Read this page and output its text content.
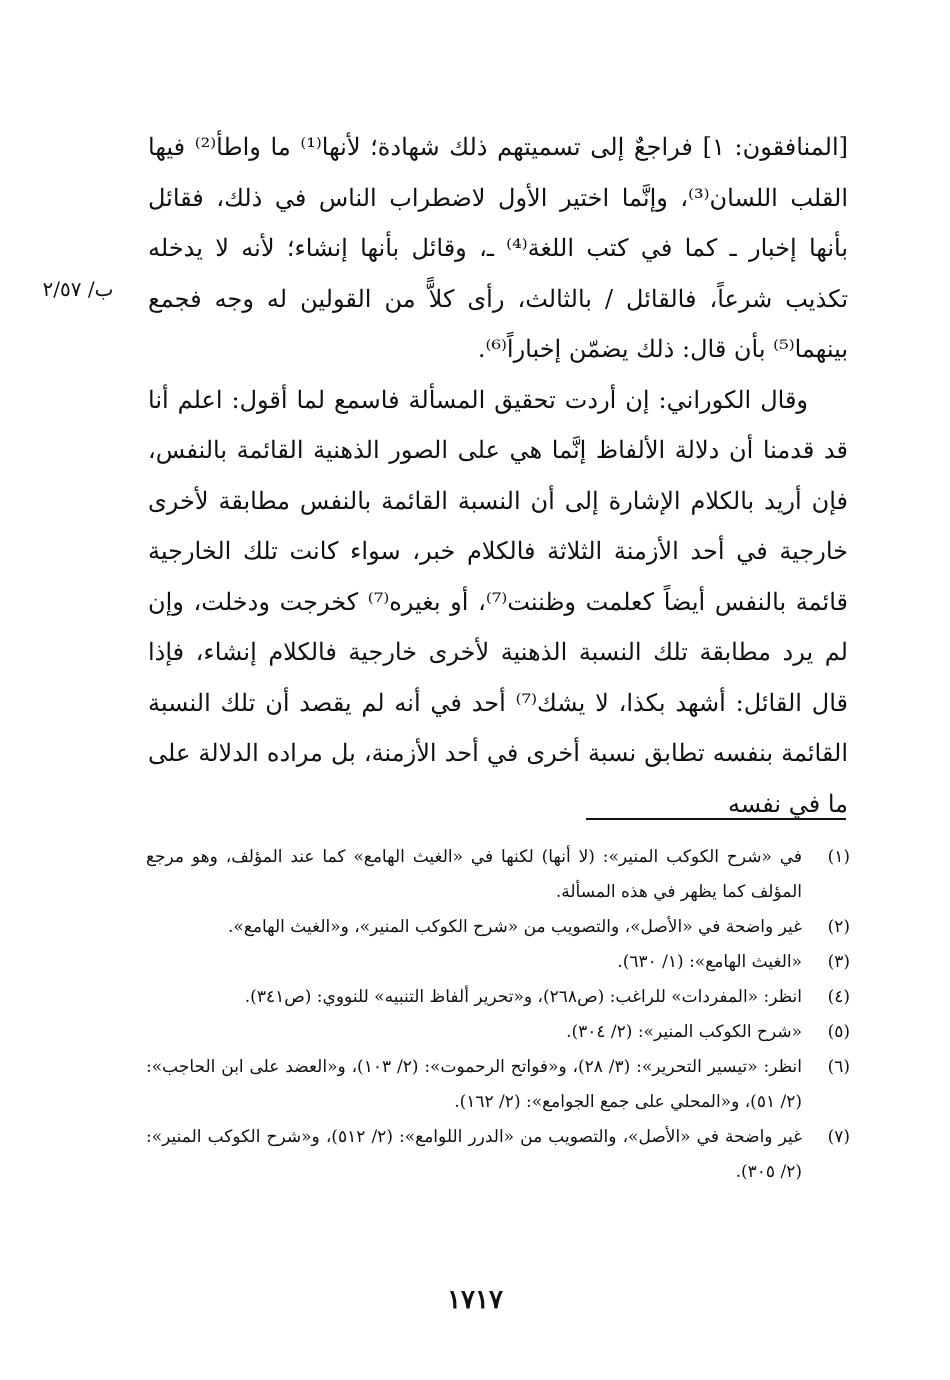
[المنافقون: ١] فراجعٌ إلى تسميتهم ذلك شهادة؛ لأنها⁽¹⁾ ما واطأ⁽²⁾ فيها القلب اللسان⁽³⁾، وإنَّما اختير الأول لاضطراب الناس في ذلك، فقائل بأنها إخبار ـ كما في كتب اللغة⁽⁴⁾ ـ، وقائل بأنها إنشاء؛ لأنه لا يدخله تكذيب شرعاً، فالقائل / بالثالث، رأى كلاًّ من القولين له وجه فجمع بينهما⁽⁵⁾ بأن قال: ذلك يضمّن إخباراً⁽⁶⁾.

وقال الكوراني: إن أردت تحقيق المسألة فاسمع لما أقول: اعلم أنا قد قدمنا أن دلالة الألفاظ إنَّما هي على الصور الذهنية القائمة بالنفس، فإن أريد بالكلام الإشارة إلى أن النسبة القائمة بالنفس مطابقة لأخرى خارجية في أحد الأزمنة الثلاثة فالكلام خبر، سواء كانت تلك الخارجية قائمة بالنفس أيضاً كعلمت وظننت⁽⁷⁾، أو بغيره⁽⁷⁾ كخرجت ودخلت، وإن لم يرد مطابقة تلك النسبة الذهنية لأخرى خارجية فالكلام إنشاء، فإذا قال القائل: أشهد بكذا، لا يشك⁽⁷⁾ أحد في أنه لم يقصد أن تلك النسبة القائمة بنفسه تطابق نسبة أخرى في أحد الأزمنة، بل مراده الدلالة على ما في نفسه

ب/ ٢/٥٧
(١)
في «شرح الكوكب المنير»: (لا أنها) لكنها في «الغيث الهامع» كما عند المؤلف، وهو مرجع المؤلف كما يظهر في هذه المسألة.
(٢)
غير واضحة في «الأصل»، والتصويب من «شرح الكوكب المنير»، و«الغيث الهامع».
(٣)
«الغيث الهامع»: (١/ ٦٣٠).
(٤)
انظر: «المفردات» للراغب: (ص٢٦٨)، و«تحرير ألفاظ التنبيه» للنووي: (ص٣٤١).
(٥)
«شرح الكوكب المنير»: (٢/ ٣٠٤).
(٦)
انظر: «تيسير التحرير»: (٣/ ٢٨)، و«فواتح الرحموت»: (٢/ ١٠٣)، و«العضد على ابن الحاجب»: (٢/ ٥١)، و«المحلي على جمع الجوامع»: (٢/ ١٦٢).
(٧)
غير واضحة في «الأصل»، والتصويب من «الدرر اللوامع»: (٢/ ٥١٢)، و«شرح الكوكب المنير»: (٢/ ٣٠٥).
١٧١٧
